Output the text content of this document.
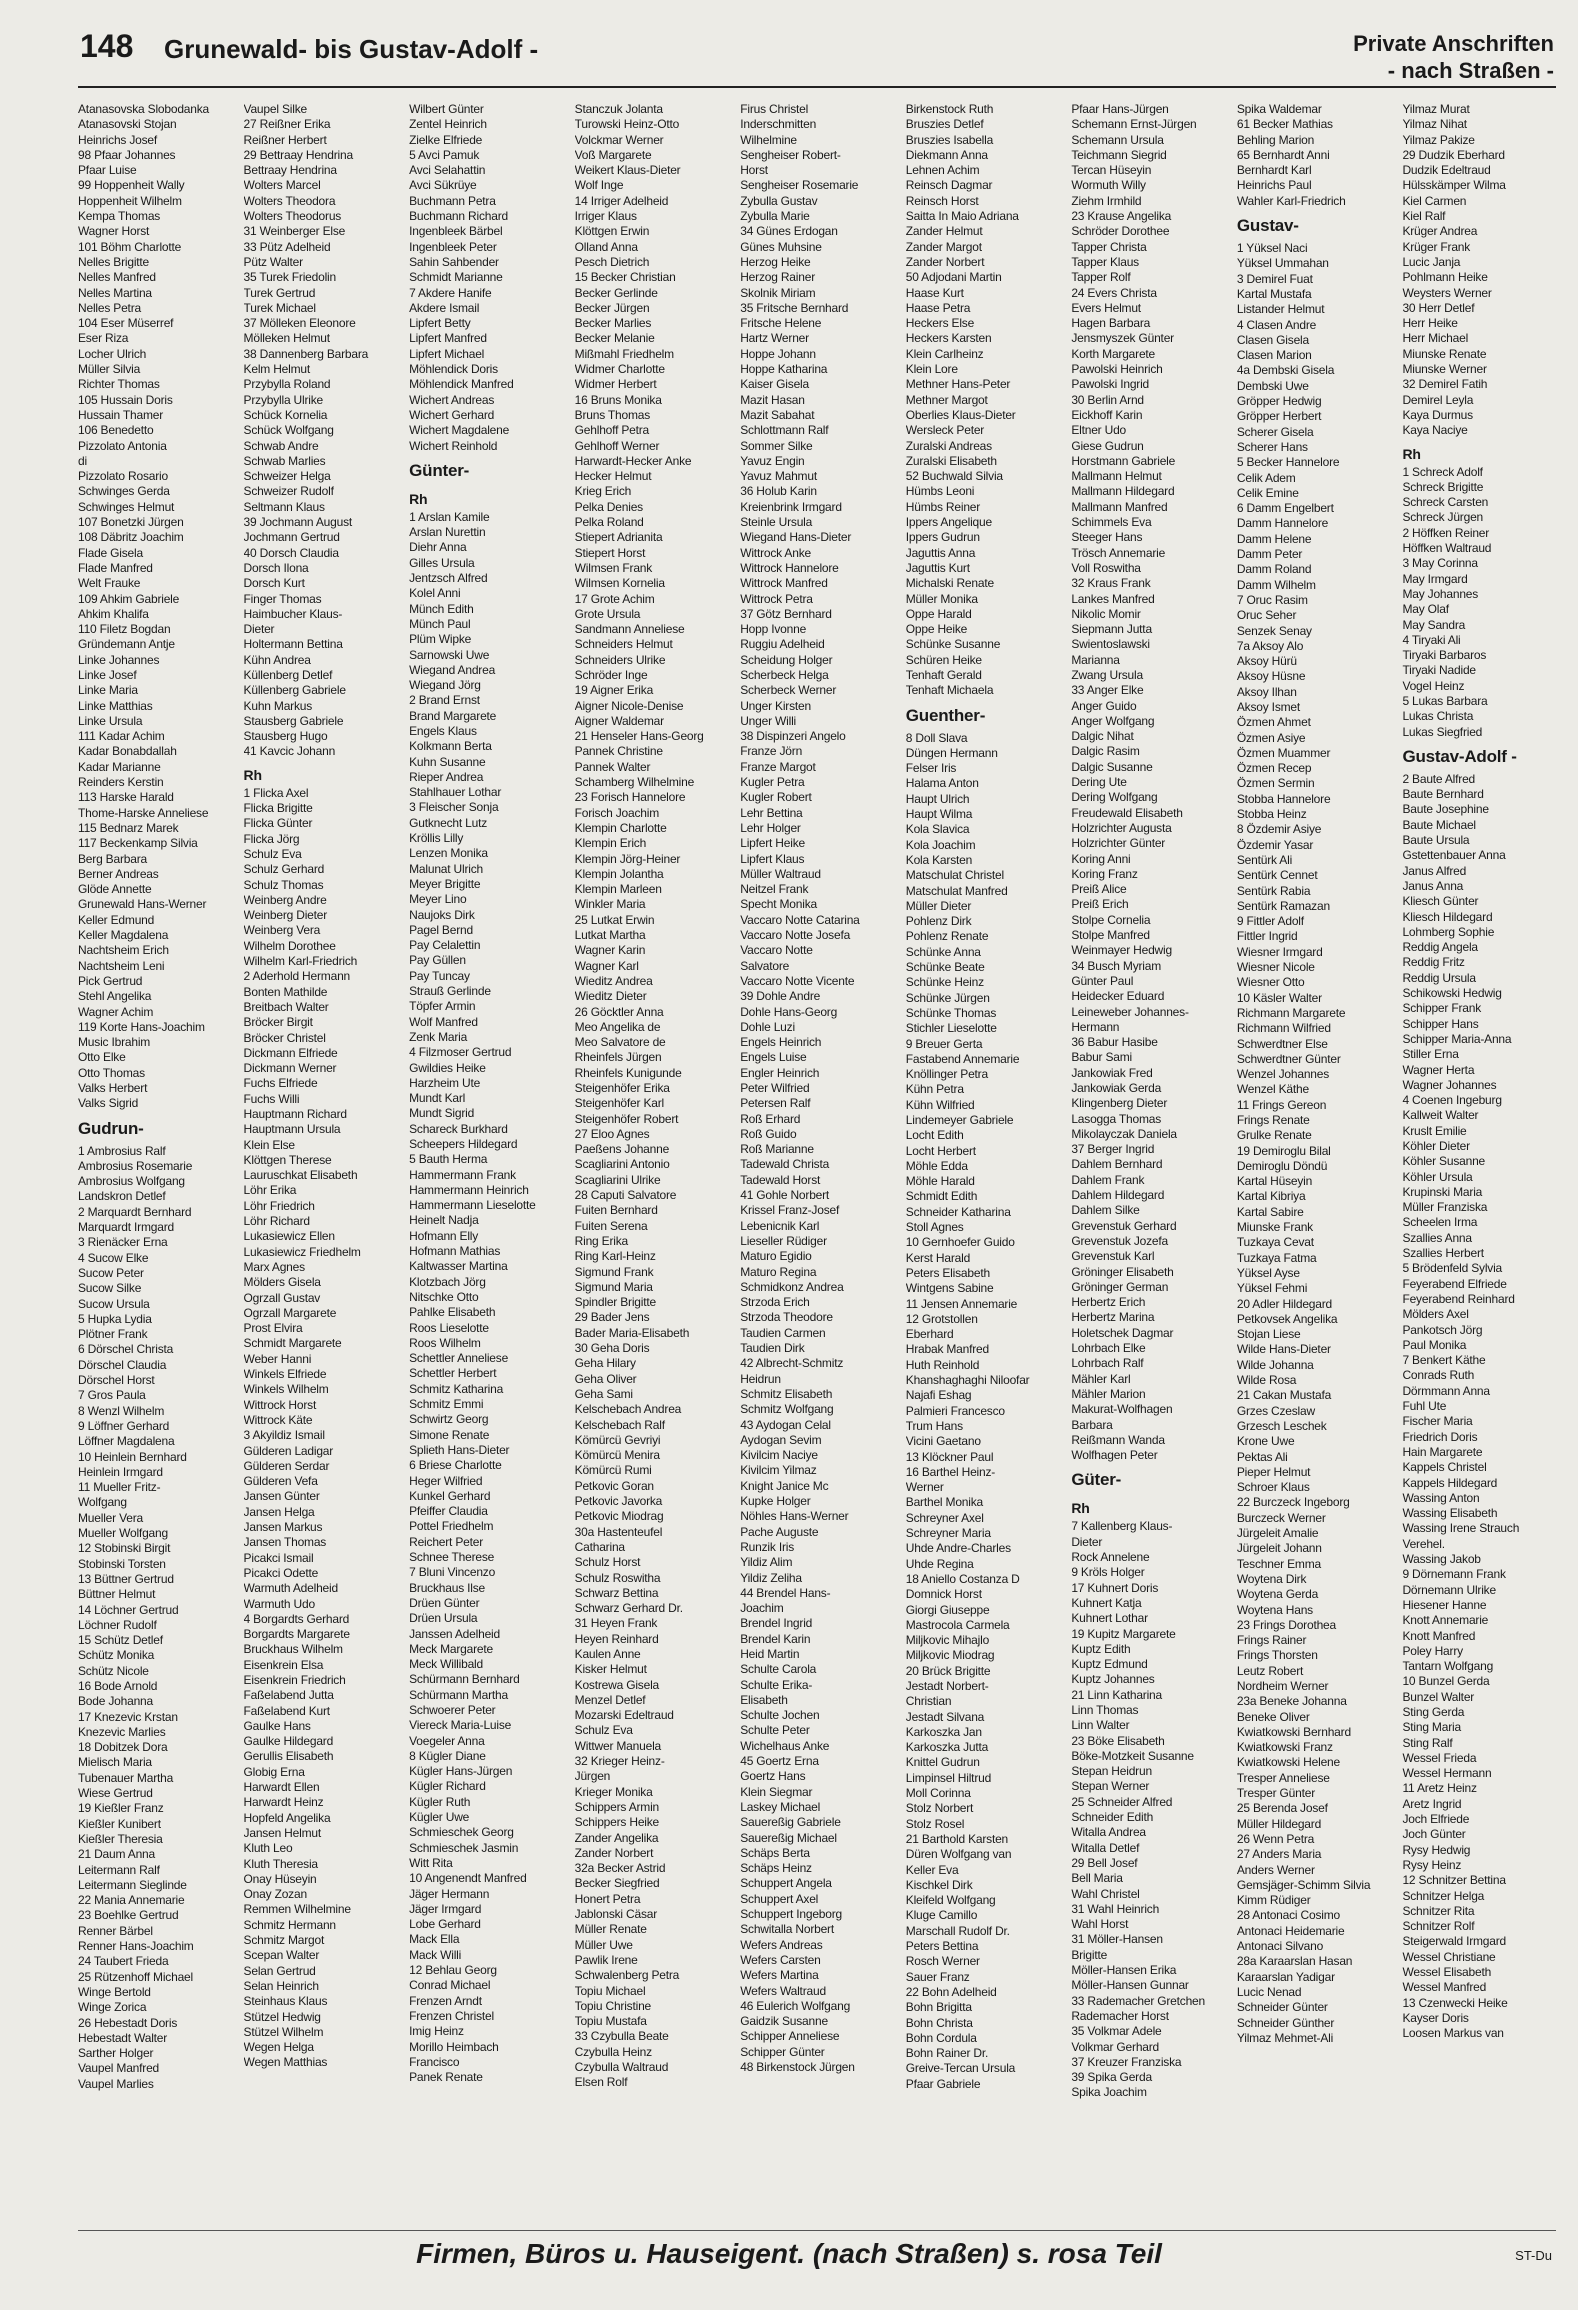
148 Grunewald- bis Gustav-Adolf -	Private Anschriften
- nach Straßen -
Atanasovska Slobodanka
Atanasovski Stojan
Heinrichs Josef
98 Pfaar Johannes
Pfaar Luise
99 Hoppenheit Wally
Hoppenheit Wilhelm
Kempa Thomas
Wagner Horst
101 Böhm Charlotte
Nelles Brigitte
Nelles Manfred
Nelles Martina
Nelles Petra
104 Eser Müserref
Eser Riza
Locher Ulrich
Müller Silvia
Richter Thomas
105 Hussain Doris
Hussain Thamer
106 Benedetto
Pizzolato Antonia
di
Pizzolato Rosario
Schwinges Gerda
Schwinges Helmut
107 Bonetzki Jürgen
108 Däbritz Joachim
Flade Gisela
Flade Manfred
Welt Frauke
109 Ahkim Gabriele
Ahkim Khalifa
110 Filetz Bogdan
Gründemann Antje
Linke Johannes
Linke Josef
Linke Maria
Linke Matthias
Linke Ursula
111 Kadar Achim
Kadar Bonabdallah
Kadar Marianne
Reinders Kerstin
113 Harske Harald
Thome-Harske Anneliese
115 Bednarz Marek
117 Beckenkamp Silvia
Berg Barbara
Berner Andreas
Glöde Annette
Grunewald Hans-Werner
Keller Edmund
Keller Magdalena
Nachtsheim Erich
Nachtsheim Leni
Pick Gertrud
Stehl Angelika
Wagner Achim
119 Korte Hans-Joachim
Music Ibrahim
Otto Elke
Otto Thomas
Valks Herbert
Valks Sigrid
Gudrun-
1 Ambrosius Ralf
Ambrosius Rosemarie
Ambrosius Wolfgang
Landskron Detlef
2 Marquardt Bernhard
Marquardt Irmgard
3 Rienäcker Erna
4 Sucow Elke
Sucow Peter
Sucow Silke
Sucow Ursula
5 Hupka Lydia
Plötner Frank
6 Dörschel Christa
Dörschel Claudia
Dörschel Horst
7 Gros Paula
8 Wenzl Wilhelm
9 Löffner Gerhard
Löffner Magdalena
10 Heinlein Bernhard
Heinlein Irmgard
11 Mueller Fritz-
Wolfgang
Mueller Vera
Mueller Wolfgang
12 Stobinski Birgit
Stobinski Torsten
13 Büttner Gertrud
Büttner Helmut
14 Löchner Gertrud
Löchner Rudolf
15 Schütz Detlef
Schütz Monika
Schütz Nicole
16 Bode Arnold
Bode Johanna
17 Knezevic Krstan
Knezevic Marlies
18 Dobitzek Dora
Mielisch Maria
Tubenauer Martha
Wiese Gertrud
19 Kießler Franz
Kießler Kunibert
Kießler Theresia
21 Daum Anna
Leitermann Ralf
Leitermann Sieglinde
22 Mania Annemarie
23 Boehlke Gertrud
Renner Bärbel
Renner Hans-Joachim
24 Taubert Frieda
25 Rützenhoff Michael
Winge Bertold
Winge Zorica
26 Hebestadt Doris
Hebestadt Walter
Sarther Holger
Vaupel Manfred
Vaupel Marlies
Vaupel Silke
27 Reißner Erika
Reißner Herbert
29 Bettraay Hendrina
Bettraay Hendrina
Wolters Marcel
Wolters Theodora
Wolters Theodorus
31 Weinberger Else
33 Pütz Adelheid
Pütz Walter
35 Turek Friedolin
Turek Gertrud
Turek Michael
37 Mölleken Eleonore
Mölleken Helmut
38 Dannenberg Barbara
Kelm Helmut
Przybylla Roland
Przybylla Ulrike
Schück Kornelia
Schück Wolfgang
Schwab Andre
Schwab Marlies
Schweizer Helga
Schweizer Rudolf
Seltmann Klaus
39 Jochmann August
Jochmann Gertrud
40 Dorsch Claudia
Dorsch Ilona
Dorsch Kurt
Finger Thomas
Haimbucher Klaus-
Dieter
Holtermann Bettina
Kühn Andrea
Küllenberg Detlef
Küllenberg Gabriele
Kuhn Markus
Stausberg Gabriele
Stausberg Hugo
41 Kavcic Johann
Rh
1 Flicka Axel
Flicka Brigitte
Flicka Günter
Flicka Jörg
Schulz Eva
Schulz Gerhard
Schulz Thomas
Weinberg Andre
Weinberg Dieter
Weinberg Vera
Wilhelm Dorothee
Wilhelm Karl-Friedrich
2 Aderhold Hermann
Bonten Mathilde
Breitbach Walter
Bröcker Birgit
Bröcker Christel
Dickmann Elfriede
Dickmann Werner
Fuchs Elfriede
Fuchs Willi
Hauptmann Richard
Hauptmann Ursula
Klein Else
Klöttgen Therese
Lauruschkat Elisabeth
Löhr Erika
Löhr Friedrich
Löhr Richard
Lukasiewicz Ellen
Lukasiewicz Friedhelm
Marx Agnes
Mölders Gisela
Ogrzall Gustav
Ogrzall Margarete
Prost Elvira
Schmidt Margarete
Weber Hanni
Winkels Elfriede
Winkels Wilhelm
Wittrock Horst
Wittrock Käte
3 Akyildiz Ismail
Gülderen Ladigar
Gülderen Serdar
Gülderen Vefa
Jansen Günter
Jansen Helga
Jansen Markus
Jansen Thomas
Picakci Ismail
Picakci Odette
Warmuth Adelheid
Warmuth Udo
4 Borgardts Gerhard
Borgardts Margarete
Bruckhaus Wilhelm
Eisenkrein Elsa
Eisenkrein Friedrich
Faßelabend Jutta
Faßelabend Kurt
Gaulke Hans
Gaulke Hildegard
Gerullis Elisabeth
Globig Erna
Harwardt Ellen
Harwardt Heinz
Hopfeld Angelika
Jansen Helmut
Kluth Leo
Kluth Theresia
Onay Hüseyin
Onay Zozan
Remmen Wilhelmine
Schmitz Hermann
Schmitz Margot
Scepan Walter
Selan Gertrud
Selan Heinrich
Steinhaus Klaus
Stützel Hedwig
Stützel Wilhelm
Wegen Helga
Wegen Matthias
Wilbert Günter
Zentel Heinrich
Zielke Elfriede
5 Avci Pamuk
Avci Selahattin
Avci Sükrüye
Buchmann Petra
Buchmann Richard
Ingenbleek Bärbel
Ingenbleek Peter
Sahin Sahbender
Schmidt Marianne
7 Akdere Hanife
Akdere Ismail
Lipfert Betty
Lipfert Manfred
Lipfert Michael
Möhlendick Doris
Möhlendick Manfred
Wichert Andreas
Wichert Gerhard
Wichert Magdalene
Wichert Reinhold
Günter-
Rh
1 Arslan Kamile
Arslan Nurettin
Diehr Anna
Gilles Ursula
Jentzsch Alfred
Kolel Anni
Münch Edith
Münch Paul
Plüm Wipke
Sarnowski Uwe
Wiegand Andrea
Wiegand Jörg
2 Brand Ernst
Brand Margarete
Engels Klaus
Kolkmann Berta
Kuhn Susanne
Rieper Andrea
Stahlhauer Lothar
3 Fleischer Sonja
Gutknecht Lutz
Kröllis Lilly
Lenzen Monika
Malunat Ulrich
Meyer Brigitte
Meyer Lino
Naujoks Dirk
Pagel Bernd
Pay Celalettin
Pay Güllen
Pay Tuncay
Strauß Gerlinde
Töpfer Armin
Wolf Manfred
Zenk Maria
4 Filzmoser Gertrud
Gwildies Heike
Harzheim Ute
Mundt Karl
Mundt Sigrid
Schareck Burkhard
Scheepers Hildegard
5 Bauth Herma
Hammermann Frank
Hammermann Heinrich
Hammermann Lieselotte
Heinelt Nadja
Hofmann Elly
Hofmann Mathias
Kaltwasser Martina
Klotzbach Jörg
Nitschke Otto
Pahlke Elisabeth
Roos Lieselotte
Roos Wilhelm
Schettler Anneliese
Schettler Herbert
Schmitz Katharina
Schmitz Emmi
Schwirtz Georg
Simone Renate
Splieth Hans-Dieter
6 Briese Charlotte
Heger Wilfried
Kunkel Gerhard
Pfeiffer Claudia
Pottel Friedhelm
Reichert Peter
Schnee Therese
7 Bluni Vincenzo
Bruckhaus Ilse
Drüen Günter
Drüen Ursula
Janssen Adelheid
Meck Margarete
Meck Willibald
Schürmann Bernhard
Schürmann Martha
Schwoerer Peter
Viereck Maria-Luise
Voegeler Anna
8 Kügler Diane
Kügler Hans-Jürgen
Kügler Richard
Kügler Ruth
Kügler Uwe
Schmieschek Georg
Schmieschek Jasmin
Witt Rita
10 Angenendt Manfred
Jäger Hermann
Jäger Irmgard
Lobe Gerhard
Mack Ella
Mack Willi
12 Behlau Georg
Conrad Michael
Frenzen Arndt
Frenzen Christel
Imig Heinz
Morillo Heimbach
Francisco
Panek Renate
Stanczuk Jolanta
Turowski Heinz-Otto
Volckmar Werner
Voß Margarete
Weikert Klaus-Dieter
Wolf Inge
14 Irriger Adelheid
Irriger Klaus
Klöttgen Erwin
Olland Anna
Pesch Dietrich
15 Becker Christian
Becker Gerlinde
Becker Jürgen
Becker Marlies
Becker Melanie
Mißmahl Friedhelm
Widmer Charlotte
Widmer Herbert
16 Bruns Monika
Bruns Thomas
Gehlhoff Petra
Gehlhoff Werner
Harwardt-Hecker Anke
Hecker Helmut
Krieg Erich
Pelka Denies
Pelka Roland
Stiepert Adrianita
Stiepert Horst
Wilmsen Frank
Wilmsen Kornelia
17 Grote Achim
Grote Ursula
Sandmann Anneliese
Schneiders Helmut
Schneiders Ulrike
Schröder Inge
19 Aigner Erika
Aigner Nicole-Denise
Aigner Waldemar
21 Henseler Hans-Georg
Pannek Christine
Pannek Walter
Schamberg Wilhelmine
23 Forisch Hannelore
Forisch Joachim
Klempin Charlotte
Klempin Erich
Klempin Jörg-Heiner
Klempin Jolantha
Klempin Marleen
Winkler Maria
25 Lutkat Erwin
Lutkat Martha
Wagner Karin
Wagner Karl
Wieditz Andrea
Wieditz Dieter
26 Göcktler Anna
Meo Angelika de
Meo Salvatore de
Rheinfels Jürgen
Rheinfels Kunigunde
Steigenhöfer Erika
Steigenhöfer Karl
Steigenhöfer Robert
27 Eloo Agnes
Paeßens Johanne
Scagliarini Antonio
Scagliarini Ulrike
28 Caputi Salvatore
Fuiten Bernhard
Fuiten Serena
Ring Erika
Ring Karl-Heinz
Sigmund Frank
Sigmund Maria
Spindler Brigitte
29 Bader Jens
Bader Maria-Elisabeth
30 Geha Doris
Geha Hilary
Geha Oliver
Geha Sami
Kelschebach Andrea
Kelschebach Ralf
Kömürcü Gevriyi
Kömürcü Menira
Kömürcü Rumi
Petkovic Goran
Petkovic Javorka
Petkovic Miodrag
30a Hastenteufel
Catharina
Schulz Horst
Schulz Roswitha
Schwarz Bettina
Schwarz Gerhard Dr.
31 Heyen Frank
Heyen Reinhard
Kaulen Anne
Kisker Helmut
Kostrewa Gisela
Menzel Detlef
Mozarski Edeltraud
Schulz Eva
Wittwer Manuela
32 Krieger Heinz-
Jürgen
Krieger Monika
Schippers Armin
Schippers Heike
Zander Angelika
Zander Norbert
32a Becker Astrid
Becker Siegfried
Honert Petra
Jablonski Cäsar
Müller Renate
Müller Uwe
Pawlik Irene
Schwalenberg Petra
Topiu Michael
Topiu Christine
Topiu Mustafa
33 Czybulla Beate
Czybulla Heinz
Czybulla Waltraud
Elsen Rolf
Firus Christel
Inderschmitten
Wilhelmine
Sengheiser Robert-
Horst
Sengheiser Rosemarie
Zybulla Gustav
Zybulla Marie
34 Günes Erdogan
Günes Muhsine
Herzog Heike
Herzog Rainer
Skolnik Miriam
35 Fritsche Bernhard
Fritsche Helene
Hartz Werner
Hoppe Johann
Hoppe Katharina
Kaiser Gisela
Mazit Hasan
Mazit Sabahat
Schlottmann Ralf
Sommer Silke
Yavuz Engin
Yavuz Mahmut
36 Holub Karin
Kreienbrink Irmgard
Steinle Ursula
Wiegand Hans-Dieter
Wittrock Anke
Wittrock Hannelore
Wittrock Manfred
Wittrock Petra
37 Götz Bernhard
Hopp Ivonne
Ruggiu Adelheid
Scheidung Holger
Scherbeck Helga
Scherbeck Werner
Unger Kirsten
Unger Willi
38 Dispinzeri Angelo
Franze Jörn
Franze Margot
Kugler Petra
Kugler Robert
Lehr Bettina
Lehr Holger
Lipfert Heike
Lipfert Klaus
Müller Waltraud
Neitzel Frank
Specht Monika
Vaccaro Notte Catarina
Vaccaro Notte Josefa
Vaccaro Notte
Salvatore
Vaccaro Notte Vicente
39 Dohle Andre
Dohle Hans-Georg
Dohle Luzi
Engels Heinrich
Engels Luise
Engler Heinrich
Peter Wilfried
Petersen Ralf
Roß Erhard
Roß Guido
Roß Marianne
Tadewald Christa
Tadewald Horst
41 Gohle Norbert
Krissel Franz-Josef
Lebenicnik Karl
Lieseller Rüdiger
Maturo Egidio
Maturo Regina
Schmidkonz Andrea
Strzoda Erich
Strzoda Theodore
Taudien Carmen
Taudien Dirk
42 Albrecht-Schmitz
Heidrun
Schmitz Elisabeth
Schmitz Wolfgang
43 Aydogan Celal
Aydogan Sevim
Kivilcim Naciye
Kivilcim Yilmaz
Knight Janice Mc
Kupke Holger
Nöhles Hans-Werner
Pache Auguste
Runzik Iris
Yildiz Alim
Yildiz Zeliha
44 Brendel Hans-
Joachim
Brendel Ingrid
Brendel Karin
Heid Martin
Schulte Carola
Schulte Erika-
Elisabeth
Schulte Jochen
Schulte Peter
Wichelhaus Anke
45 Goertz Erna
Goertz Hans
Klein Siegmar
Laskey Michael
Sauereßig Gabriele
Sauereßig Michael
Schäps Berta
Schäps Heinz
Schuppert Angela
Schuppert Axel
Schuppert Ingeborg
Schwitalla Norbert
Wefers Andreas
Wefers Carsten
Wefers Martina
Wefers Waltraud
46 Eulerich Wolfgang
Gaidzik Susanne
Schipper Anneliese
Schipper Günter
48 Birkenstock Jürgen
Birkenstock Ruth
Bruszies Detlef
Bruszies Isabella
Diekmann Anna
Lehnen Achim
Reinsch Dagmar
Reinsch Horst
Saitta In Maio Adriana
Zander Helmut
Zander Margot
Zander Norbert
50 Adjodani Martin
Haase Kurt
Haase Petra
Heckers Else
Heckers Karsten
Klein Carlheinz
Klein Lore
Methner Hans-Peter
Methner Margot
Oberlies Klaus-Dieter
Wersleck Peter
Zuralski Andreas
Zuralski Elisabeth
52 Buchwald Silvia
Hümbs Leoni
Hümbs Reiner
Ippers Angelique
Ippers Gudrun
Jaguttis Anna
Jaguttis Kurt
Michalski Renate
Müller Monika
Oppe Harald
Oppe Heike
Schünke Susanne
Schüren Heike
Tenhaft Gerald
Tenhaft Michaela
Guenther-
8 Doll Slava
Düngen Hermann
Felser Iris
Halama Anton
Haupt Ulrich
Haupt Wilma
Kola Slavica
Kola Joachim
Kola Karsten
Matschulat Christel
Matschulat Manfred
Müller Dieter
Pohlenz Dirk
Pohlenz Renate
Schünke Anna
Schünke Beate
Schünke Heinz
Schünke Jürgen
Schünke Thomas
Stichler Lieselotte
9 Breuer Gerta
Fastabend Annemarie
Knöllinger Petra
Kühn Petra
Kühn Wilfried
Lindemeyer Gabriele
Locht Edith
Locht Herbert
Möhle Edda
Möhle Harald
Schmidt Edith
Schneider Katharina
Stoll Agnes
10 Gernhoefer Guido
Kerst Harald
Peters Elisabeth
Wintgens Sabine
11 Jensen Annemarie
12 Grotstollen
Eberhard
Hrabak Manfred
Huth Reinhold
Khanshaghaghi Niloofar
Najafi Eshag
Palmieri Francesco
Trum Hans
Vicini Gaetano
13 Klöckner Paul
16 Barthel Heinz-
Werner
Barthel Monika
Schreyner Axel
Schreyner Maria
Uhde Andre-Charles
Uhde Regina
18 Aniello Costanza D
Domnick Horst
Giorgi Giuseppe
Mastrocola Carmela
Miljkovic Mihajlo
Miljkovic Miodrag
20 Brück Brigitte
Jestadt Norbert-
Christian
Jestadt Silvana
Karkoszka Jan
Karkoszka Jutta
Knittel Gudrun
Limpinsel Hiltrud
Moll Corinna
Stolz Norbert
Stolz Rosel
21 Barthold Karsten
Düren Wolfgang van
Keller Eva
Kischkel Dirk
Kleifeld Wolfgang
Kluge Camillo
Marschall Rudolf Dr.
Peters Bettina
Rosch Werner
Sauer Franz
22 Bohn Adelheid
Bohn Brigitta
Bohn Christa
Bohn Cordula
Bohn Rainer Dr.
Greive-Tercan Ursula
Pfaar Gabriele
Pfaar Hans-Jürgen
Schemann Ernst-Jürgen
Schemann Ursula
Teichmann Siegrid
Tercan Hüseyin
Wormuth Willy
Ziehm Irmhild
23 Krause Angelika
Schröder Dorothee
Tapper Christa
Tapper Klaus
Tapper Rolf
24 Evers Christa
Evers Helmut
Hagen Barbara
Jensmyszek Günter
Korth Margarete
Pawolski Heinrich
Pawolski Ingrid
30 Berlin Arnd
Eickhoff Karin
Eltner Udo
Giese Gudrun
Horstmann Gabriele
Mallmann Helmut
Mallmann Hildegard
Mallmann Manfred
Schimmels Eva
Steeger Hans
Trösch Annemarie
Voll Roswitha
32 Kraus Frank
Lankes Manfred
Nikolic Momir
Siepmann Jutta
Swientoslawski
Marianna
Zwang Ursula
33 Anger Elke
Anger Guido
Anger Wolfgang
Dalgic Nihat
Dalgic Rasim
Dalgic Susanne
Dering Ute
Dering Wolfgang
Freudewald Elisabeth
Holzrichter Augusta
Holzrichter Günter
Koring Anni
Koring Franz
Preiß Alice
Preiß Erich
Stolpe Cornelia
Stolpe Manfred
Weinmayer Hedwig
34 Busch Myriam
Günter Paul
Heidecker Eduard
Leineweber Johannes-
Hermann
36 Babur Hasibe
Babur Sami
Jankowiak Fred
Jankowiak Gerda
Klingenberg Dieter
Lasogga Thomas
Mikolayczak Daniela
37 Berger Ingrid
Dahlem Bernhard
Dahlem Frank
Dahlem Hildegard
Dahlem Silke
Grevenstuk Gerhard
Grevenstuk Jozefa
Grevenstuk Karl
Gröninger Elisabeth
Gröninger German
Herbertz Erich
Herbertz Marina
Holetschek Dagmar
Lohrbach Elke
Lohrbach Ralf
Mähler Karl
Mähler Marion
Makurat-Wolfhagen
Barbara
Reißmann Wanda
Wolfhagen Peter
Güter-
Rh
7 Kallenberg Klaus-
Dieter
Rock Annelene
9 Kröls Holger
17 Kuhnert Doris
Kuhnert Katja
Kuhnert Lothar
19 Kupitz Margarete
Kuptz Edith
Kuptz Edmund
Kuptz Johannes
21 Linn Katharina
Linn Thomas
Linn Walter
23 Böke Elisabeth
Böke-Motzkeit Susanne
Stepan Heidrun
Stepan Werner
25 Schneider Alfred
Schneider Edith
Witalla Andrea
Witalla Detlef
29 Bell Josef
Bell Maria
Wahl Christel
31 Wahl Heinrich
Wahl Horst
31 Möller-Hansen
Brigitte
Möller-Hansen Erika
Möller-Hansen Gunnar
33 Rademacher Gretchen
Rademacher Horst
35 Volkmar Adele
Volkmar Gerhard
37 Kreuzer Franziska
39 Spika Gerda
Spika Joachim
Spika Waldemar
61 Becker Mathias
Behling Marion
65 Bernhardt Anni
Bernhardt Karl
Heinrichs Paul
Wahler Karl-Friedrich
Gustav-
1 Yüksel Naci
Yüksel Ummahan
3 Demirel Fuat
Kartal Mustafa
Listander Helmut
4 Clasen Andre
Clasen Gisela
Clasen Marion
4a Dembski Gisela
Dembski Uwe
Gröpper Hedwig
Gröpper Herbert
Scherer Gisela
Scherer Hans
5 Becker Hannelore
Celik Adem
Celik Emine
6 Damm Engelbert
Damm Hannelore
Damm Helene
Damm Peter
Damm Roland
Damm Wilhelm
7 Oruc Rasim
Oruc Seher
Senzek Senay
7a Aksoy Alo
Aksoy Hürü
Aksoy Hüsne
Aksoy Ilhan
Aksoy Ismet
Özmen Ahmet
Özmen Asiye
Özmen Muammer
Özmen Recep
Özmen Sermin
Stobba Hannelore
Stobba Heinz
8 Özdemir Asiye
Özdemir Yasar
Sentürk Ali
Sentürk Cennet
Sentürk Rabia
Sentürk Ramazan
9 Fittler Adolf
Fittler Ingrid
Wiesner Irmgard
Wiesner Nicole
Wiesner Otto
10 Käsler Walter
Richmann Margarete
Richmann Wilfried
Schwerdtner Else
Schwerdtner Günter
Wenzel Johannes
Wenzel Käthe
11 Frings Gereon
Frings Renate
Grulke Renate
19 Demiroglu Bilal
Demiroglu Döndü
Kartal Hüseyin
Kartal Kibriya
Kartal Sabire
Miunske Frank
Tuzkaya Cevat
Tuzkaya Fatma
Yüksel Ayse
Yüksel Fehmi
20 Adler Hildegard
Petkovsek Angelika
Stojan Liese
Wilde Hans-Dieter
Wilde Johanna
Wilde Rosa
21 Cakan Mustafa
Grzes Czeslaw
Grzesch Leschek
Krone Uwe
Pektas Ali
Pieper Helmut
Schroer Klaus
22 Burczeck Ingeborg
Burczeck Werner
Jürgeleit Amalie
Jürgeleit Johann
Teschner Emma
Woytena Dirk
Woytena Gerda
Woytena Hans
23 Frings Dorothea
Frings Rainer
Frings Thorsten
Leutz Robert
Nordheim Werner
23a Beneke Johanna
Beneke Oliver
Kwiatkowski Bernhard
Kwiatkowski Franz
Kwiatkowski Helene
Tresper Anneliese
Tresper Günter
25 Berenda Josef
Müller Hildegard
26 Wenn Petra
27 Anders Maria
Anders Werner
Gemsjäger-Schimm Silvia
Kimm Rüdiger
28 Antonaci Cosimo
Antonaci Heidemarie
Antonaci Silvano
28a Karaarslan Hasan
Karaarslan Yadigar
Lucic Nenad
Schneider Günter
Schneider Günther
Yilmaz Mehmet-Ali
Yilmaz Murat
Yilmaz Nihat
Yilmaz Pakize
29 Dudzik Eberhard
Dudzik Edeltraud
Hülsskämper Wilma
Kiel Carmen
Kiel Ralf
Krüger Andrea
Krüger Frank
Lucic Janja
Pohlmann Heike
Weysters Werner
30 Herr Detlef
Herr Heike
Herr Michael
Miunske Renate
Miunske Werner
32 Demirel Fatih
Demirel Leyla
Kaya Durmus
Kaya Naciye
Rh
1 Schreck Adolf
Schreck Brigitte
Schreck Carsten
Schreck Jürgen
2 Höffken Reiner
Höffken Waltraud
3 May Corinna
May Irmgard
May Johannes
May Olaf
May Sandra
4 Tiryaki Ali
Tiryaki Barbaros
Tiryaki Nadide
Vogel Heinz
5 Lukas Barbara
Lukas Christa
Lukas Siegfried
Gustav-Adolf -
2 Baute Alfred
Baute Bernhard
Baute Josephine
Baute Michael
Baute Ursula
Gstettenbauer Anna
Janus Alfred
Janus Anna
Kliesch Günter
Kliesch Hildegard
Lohmberg Sophie
Reddig Angela
Reddig Fritz
Reddig Ursula
Schikowski Hedwig
Schipper Frank
Schipper Hans
Schipper Maria-Anna
Stiller Erna
Wagner Herta
Wagner Johannes
4 Coenen Ingeburg
Kallweit Walter
Kruslt Emilie
Köhler Dieter
Köhler Susanne
Köhler Ursula
Krupinski Maria
Müller Franziska
Scheelen Irma
Szallies Anna
Szallies Herbert
5 Brödenfeld Sylvia
Feyerabend Elfriede
Feyerabend Reinhard
Mölders Axel
Pankotsch Jörg
Paul Monika
7 Benkert Käthe
Conrads Ruth
Dörmmann Anna
Fuhl Ute
Fischer Maria
Friedrich Doris
Hain Margarete
Kappels Christel
Kappels Hildegard
Wassing Anton
Wassing Elisabeth
Wassing Irene Strauch
Verehel.
Wassing Jakob
9 Dörnemann Frank
Dörnemann Ulrike
Hiesener Hanne
Knott Annemarie
Knott Manfred
Poley Harry
Tantarn Wolfgang
10 Bunzel Gerda
Bunzel Walter
Sting Gerda
Sting Maria
Sting Ralf
Wessel Frieda
Wessel Hermann
11 Aretz Heinz
Aretz Ingrid
Joch Elfriede
Joch Günter
Rysy Hedwig
Rysy Heinz
12 Schnitzer Bettina
Schnitzer Helga
Schnitzer Rita
Schnitzer Rolf
Steigerwald Irmgard
Wessel Christiane
Wessel Elisabeth
Wessel Manfred
13 Czenwecki Heike
Kayser Doris
Loosen Markus van
Firmen, Büros u. Hauseigent. (nach Straßen) s. rosa Teil	ST-Du
